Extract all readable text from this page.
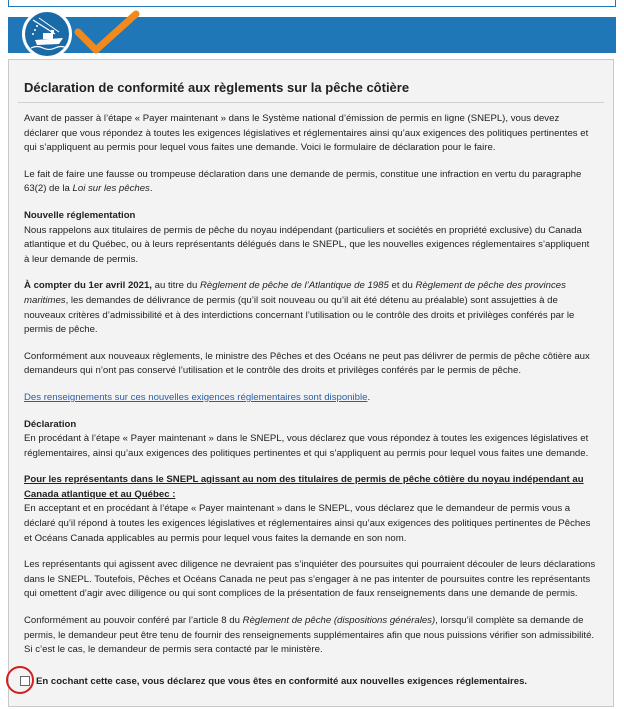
Déclaration de conformité aux règlements sur la pêche côtière

Avant de passer à l’étape « Payer maintenant » dans le Système national d’émission de permis en ligne (SNEPL), vous devez déclarer que vous répondez à toutes les exigences législatives et réglementaires ainsi qu’aux exigences des politiques pertinentes et qui s’appliquent au permis pour lequel vous faites une demande. Voici le formulaire de déclaration pour le faire.

Le fait de faire une fausse ou trompeuse déclaration dans une demande de permis, constitue une infraction en vertu du paragraphe 63(2) de la Loi sur les pêches.

Nouvelle réglementation
Nous rappelons aux titulaires de permis de pêche du noyau indépendant (particuliers et sociétés en propriété exclusive) du Canada atlantique et du Québec, ou à leurs représentants délégués dans le SNEPL, que les nouvelles exigences réglementaires s’appliquent à leur demande de permis.

À compter du 1er avril 2021, au titre du Règlement de pêche de l’Atlantique de 1985 et du Règlement de pêche des provinces maritimes, les demandes de délivrance de permis (qu’il soit nouveau ou qu’il ait été détenu au préalable) sont assujetties à de nouveaux critères d’admissibilité et à des interdictions concernant l’utilisation ou le contrôle des droits et privilèges conférés par le permis de pêche.

Conformément aux nouveaux règlements, le ministre des Pêches et des Océans ne peut pas délivrer de permis de pêche côtière aux demandeurs qui n’ont pas conservé l’utilisation et le contrôle des droits et privilèges conférés par le permis de pêche.

Des renseignements sur ces nouvelles exigences réglementaires sont disponible.

Déclaration
En procédant à l’étape « Payer maintenant » dans le SNEPL, vous déclarez que vous répondez à toutes les exigences législatives et réglementaires, ainsi qu’aux exigences des politiques pertinentes et qui s’appliquent au permis pour lequel vous faites une demande.

Pour les représentants dans le SNEPL agissant au nom des titulaires de permis de pêche côtière du noyau indépendant au Canada atlantique et au Québec :
En acceptant et en procédant à l’étape « Payer maintenant » dans le SNEPL, vous déclarez que le demandeur de permis vous a déclaré qu’il répond à toutes les exigences législatives et réglementaires ainsi qu’aux exigences des politiques pertinentes de Pêches et Océans Canada applicables au permis pour lequel vous faites la demande en son nom.

Les représentants qui agissent avec diligence ne devraient pas s’inquiéter des poursuites qui pourraient découler de leurs déclarations dans le SNEPL. Toutefois, Pêches et Océans Canada ne peut pas s’engager à ne pas intenter de poursuites contre les représentants qui omettent d’agir avec diligence ou qui sont complices de la présentation de faux renseignements dans une demande de permis.

Conformément au pouvoir conféré par l’article 8 du Règlement de pêche (dispositions générales), lorsqu’il complète sa demande de permis, le demandeur peut être tenu de fournir des renseignements supplémentaires afin que nous puissions vérifier son admissibilité. Si c’est le cas, le demandeur de permis sera contacté par le ministère.

En cochant cette case, vous déclarez que vous êtes en conformité aux nouvelles exigences réglementaires.
